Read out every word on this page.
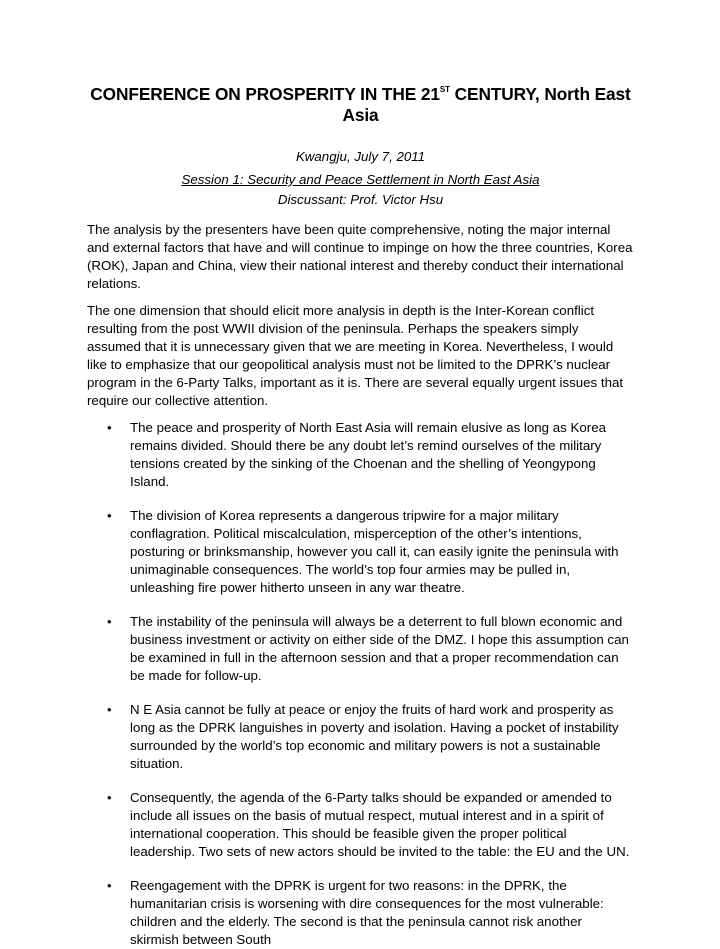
CONFERENCE ON PROSPERITY IN THE 21ST CENTURY, North East Asia

Kwangju, July 7, 2011

Session 1: Security and Peace Settlement in North East Asia

Discussant: Prof. Victor Hsu

The analysis by the presenters have been quite comprehensive, noting the major internal and external factors that have and will continue to impinge on how the three countries, Korea (ROK), Japan and China, view their national interest and thereby conduct their international relations.

The one dimension that should elicit more analysis in depth is the Inter-Korean conflict resulting from the post WWII division of the peninsula. Perhaps the speakers simply assumed that it is unnecessary given that we are meeting in Korea. Nevertheless, I would like to emphasize that our geopolitical analysis must not be limited to the DPRK’s nuclear program in the 6-Party Talks, important as it is. There are several equally urgent issues that require our collective attention.

• The peace and prosperity of North East Asia will remain elusive as long as Korea remains divided. Should there be any doubt let’s remind ourselves of the military tensions created by the sinking of the Choenan and the shelling of Yeongypong Island.
• The division of Korea represents a dangerous tripwire for a major military conflagration. Political miscalculation, misperception of the other’s intentions, posturing or brinksmanship, however you call it, can easily ignite the peninsula with unimaginable consequences. The world’s top four armies may be pulled in, unleashing fire power hitherto unseen in any war theatre.
• The instability of the peninsula will always be a deterrent to full blown economic and business investment or activity on either side of the DMZ. I hope this assumption can be examined in full in the afternoon session and that a proper recommendation can be made for follow-up.
• N E Asia cannot be fully at peace or enjoy the fruits of hard work and prosperity as long as the DPRK languishes in poverty and isolation. Having a pocket of instability surrounded by the world’s top economic and military powers is not a sustainable situation.
• Consequently, the agenda of the 6-Party talks should be expanded or amended to include all issues on the basis of mutual respect, mutual interest and in a spirit of international cooperation. This should be feasible given the proper political leadership. Two sets of new actors should be invited to the table: the EU and the UN.
• Reengagement with the DPRK is urgent for two reasons: in the DPRK, the humanitarian crisis is worsening with dire consequences for the most vulnerable: children and the elderly. The second is that the peninsula cannot risk another skirmish between South
